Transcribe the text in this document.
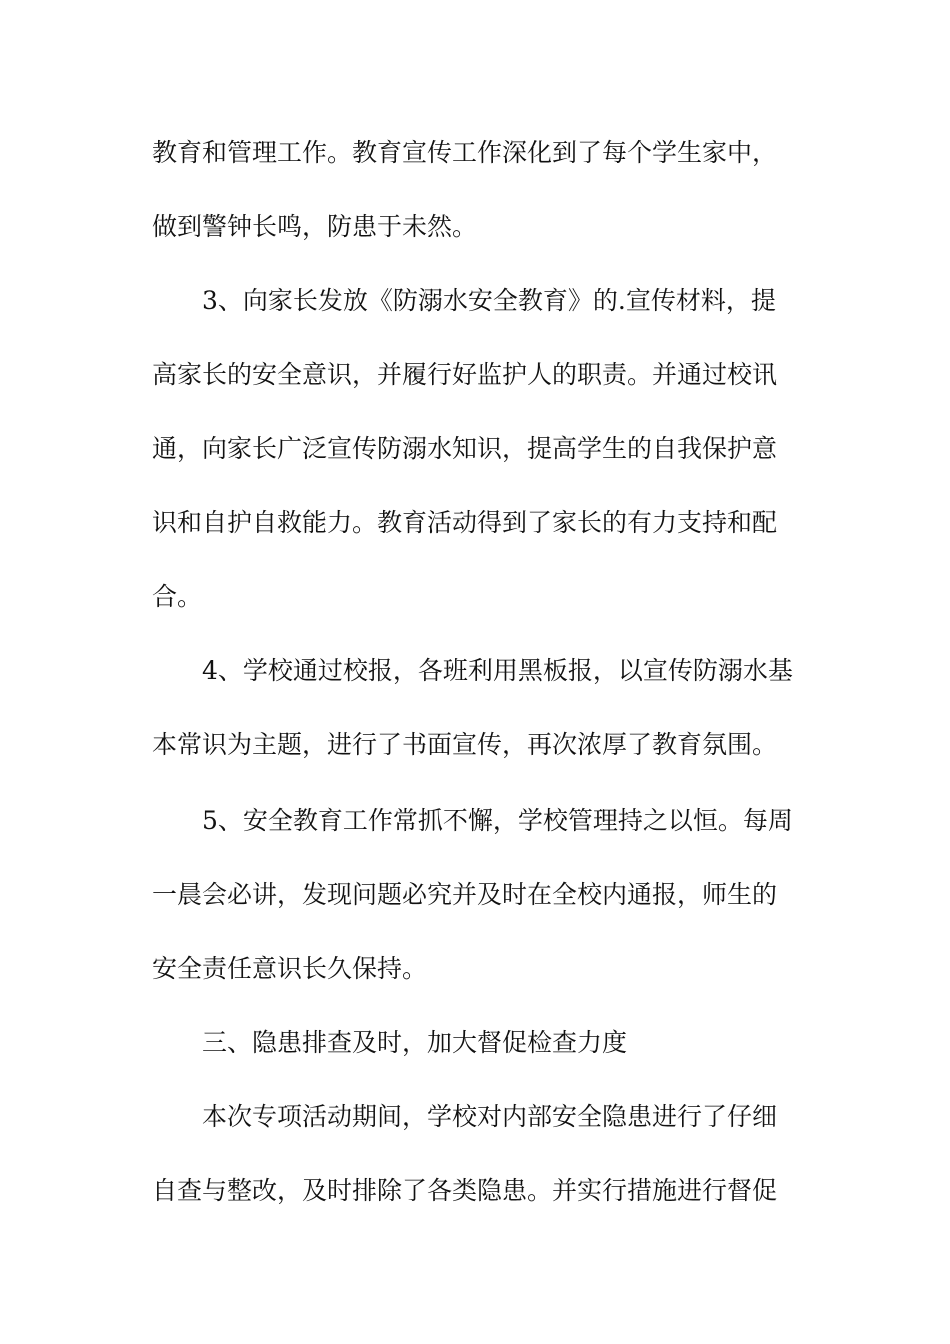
教育和管理工作。教育宣传工作深化到了每个学生家中，
做到警钟长鸣，防患于未然。
3、向家长发放《防溺水安全教育》的.宣传材料，提
高家长的安全意识，并履行好监护人的职责。并通过校讯
通，向家长广泛宣传防溺水知识，提高学生的自我保护意
识和自护自救能力。教育活动得到了家长的有力支持和配
合。
4、学校通过校报，各班利用黑板报，以宣传防溺水基
本常识为主题，进行了书面宣传，再次浓厚了教育氛围。
5、安全教育工作常抓不懈，学校管理持之以恒。每周
一晨会必讲，发现问题必究并及时在全校内通报，师生的
安全责任意识长久保持。
三、隐患排查及时，加大督促检查力度
本次专项活动期间，学校对内部安全隐患进行了仔细
自查与整改，及时排除了各类隐患。并实行措施进行督促
